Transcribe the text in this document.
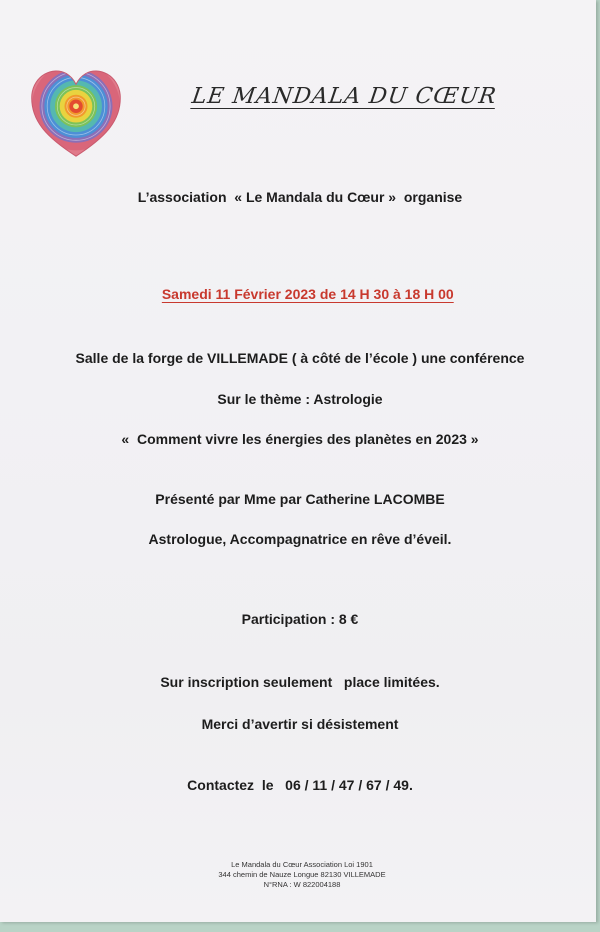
LE MANDALA DU CŒUR
L’association  « Le Mandala du Cœur »  organise

Samedi 11 Février 2023 de 14 H 30 à 18 H 00

Salle de la forge de VILLEMADE ( à côté de l’école ) une conférence
Sur le thème : Astrologie
«  Comment vivre les énergies des planètes en 2023 »
Présenté par Mme par Catherine LACOMBE
Astrologue, Accompagnatrice en rêve d’éveil.
Participation : 8 €
Sur inscription seulement   place limitées.
Merci d’avertir si désistement
Contactez  le   06 / 11 / 47 / 67 / 49.
Le Mandala du Cœur Association Loi 1901
344 chemin de Nauze Longue 82130 VILLEMADE
N°RNA : W 822004188
